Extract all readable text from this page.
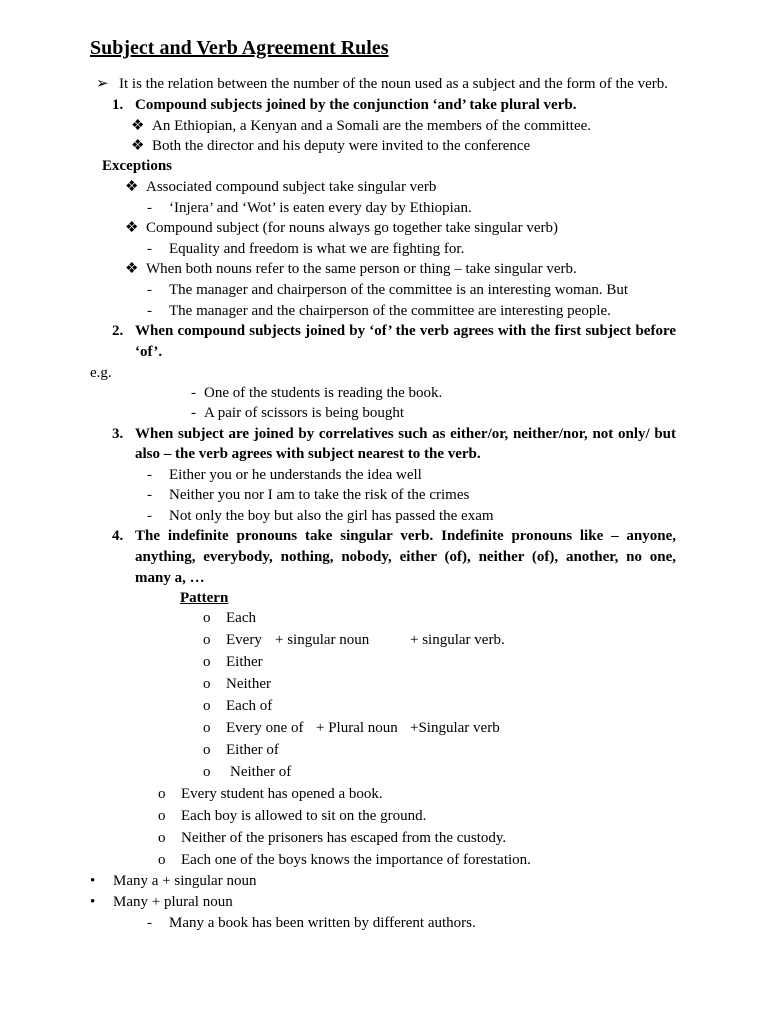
Subject and Verb Agreement Rules
➢ It is the relation between the number of the noun used as a subject and the form of the verb.
1. Compound subjects joined by the conjunction ‘and’ take plural verb.
❖ An Ethiopian, a Kenyan and a Somali are the members of the committee.
❖ Both the director and his deputy were invited to the conference
Exceptions
❖ Associated compound subject take singular verb
- ‘Injera’ and ‘Wot’ is eaten every day by Ethiopian.
❖ Compound subject (for nouns always go together take singular verb)
- Equality and freedom is what we are fighting for.
❖ When both nouns refer to the same person or thing – take singular verb.
- The manager and chairperson of the committee is an interesting woman. But
- The manager and the chairperson of the committee are interesting people.
2. When compound subjects joined by ‘of’ the verb agrees with the first subject before
‘of’.
e.g.
- One of the students is reading the book.
- A pair of scissors is being bought
3. When subject are joined by correlatives such as either/or, neither/nor, not only/ but
also – the verb agrees with subject nearest to the verb.
- Either you or he understands the idea well
- Neither you nor I am to take the risk of the crimes
- Not only the boy but also the girl has passed the exam
4. The indefinite pronouns take singular verb. Indefinite pronouns like – anyone,
anything, everybody, nothing, nobody, either (of), neither (of), another, no one,
many a, …
Pattern
o Each
o Every + singular noun	+ singular verb.
o Either
o Neither
o Each of
o Every one of + Plural noun +Singular verb
o Either of
o Neither of
o Every student has opened a book.
o Each boy is allowed to sit on the ground.
o Neither of the prisoners has escaped from the custody.
o Each one of the boys knows the importance of forestation.
• Many a + singular noun
• Many + plural noun
- Many a book has been written by different authors.
